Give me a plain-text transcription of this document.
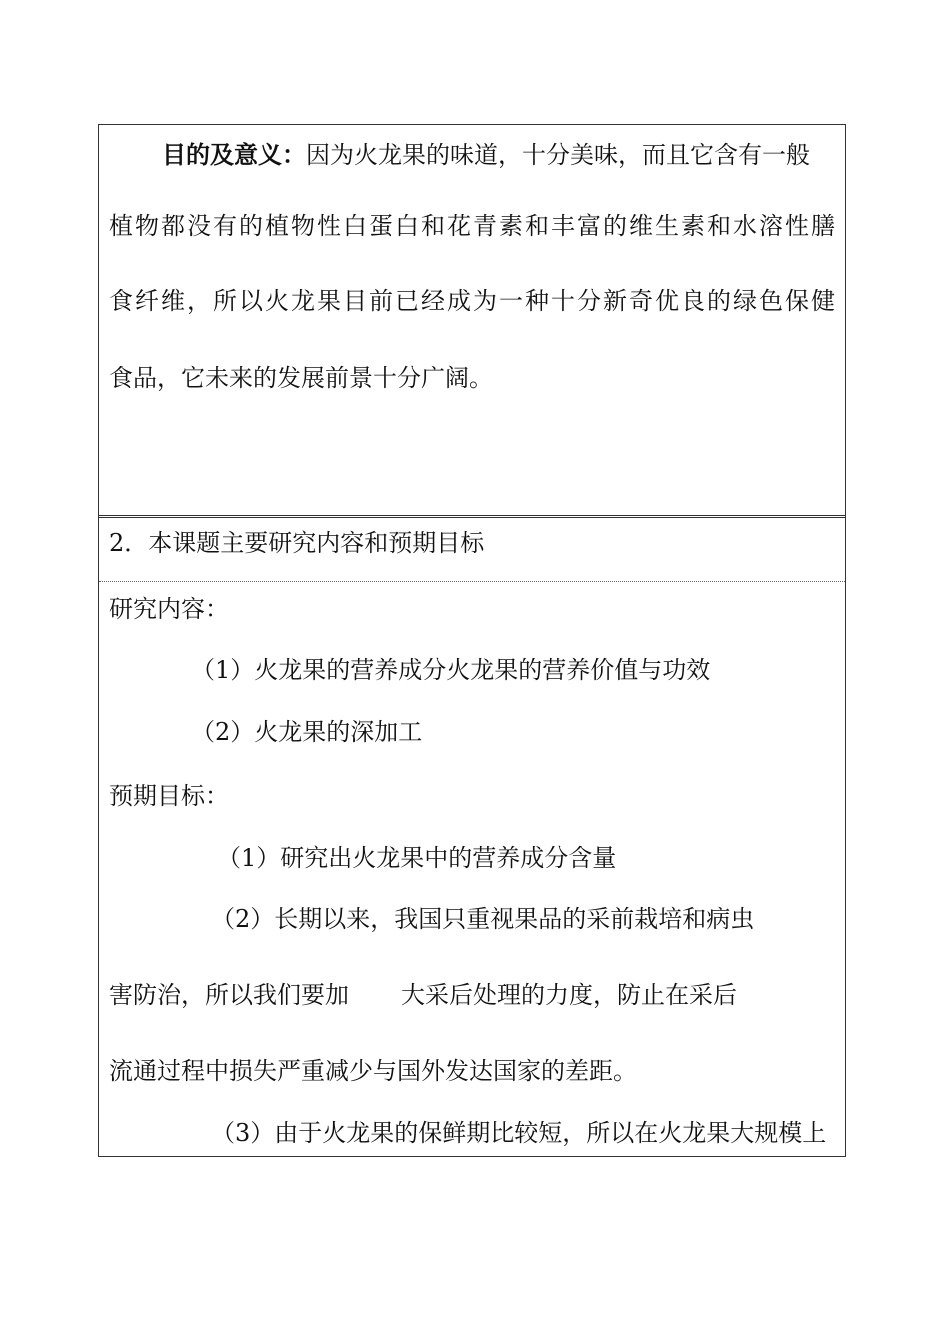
目的及意义：因为火龙果的味道，十分美味，而且它含有一般
植物都没有的植物性白蛋白和花青素和丰富的维生素和水溶性膳
食纤维，所以火龙果目前已经成为一种十分新奇优良的绿色保健
食品，它未来的发展前景十分广阔。
2．本课题主要研究内容和预期目标
研究内容：
（1）火龙果的营养成分火龙果的营养价值与功效
（2）火龙果的深加工
预期目标：
（1）研究出火龙果中的营养成分含量
（2）长期以来，我国只重视果品的采前栽培和病虫
害防治，所以我们要加 大采后处理的力度，防止在采后
流通过程中损失严重减少与国外发达国家的差距。
（3）由于火龙果的保鲜期比较短，所以在火龙果大规模上
